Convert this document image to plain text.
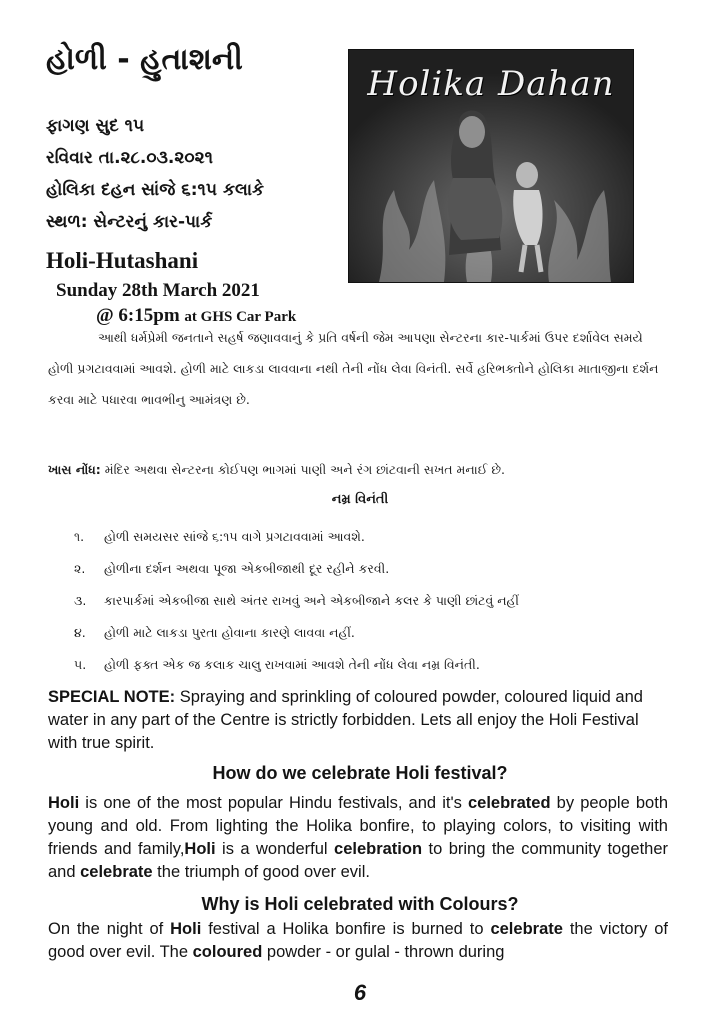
હોળી - હુતાશની
ફાગણ સુદ ૧૫
રવિવાર તા.૨૮.૦૩.૨૦૨૧
હોલિકા દહન સાંજે ૬:૧૫ કલાકે
સ્થળ: સેન્ટરનું કાર-પાર્ક
Holi-Hutashani
Sunday 28th March 2021
@ 6:15pm at GHS Car Park
Holika Dahan
આથી ધર્મપ્રેમી જનતાને સહર્ષ જણાવવાનું કે પ્રતિ વર્ષની જેમ આપણા સેન્ટરના કાર-પાર્કમાં ઉપર દર્શાવેલ સમયે હોળી પ્રગટાવવામાં આવશે. હોળી માટે લાકડા લાવવાના નથી તેની નોંધ લેવા વિનંતી. સર્વે હરિભક્તોને હોલિકા માતાજીના દર્શન કરવા માટે પધારવા ભાવભીનુ આમંત્રણ છે.
ખાસ નોંધ: મંદિર અથવા સેન્ટરના કોઈપણ ભાગમાં પાણી અને રંગ છાંટવાની સખત મનાઈ છે.
નમ્ર વિનંતી
૧.	હોળી સમયસર સાંજે ૬:૧૫ વાગે પ્રગટાવવામાં આવશે.
૨.	હોળીના દર્શન અથવા પૂજા એકબીજાથી દૂર રહીને કરવી.
૩.	કારપાર્કમાં એકબીજા સાથે અંતર રાખવું અને એકબીજાને કલર કે પાણી છાંટવું નહીં
૪.	હોળી માટે લાકડા પુરતા હોવાના કારણે લાવવા નહીં.
૫.	હોળી ફક્ત એક જ કલાક ચાલુ રાખવામાં આવશે તેની નોંધ લેવા નમ્ર વિનંતી.
SPECIAL NOTE: Spraying and sprinkling of coloured powder, coloured liquid and water in any part of the Centre is strictly forbidden. Lets all enjoy the Holi Festival with true spirit.
How do we celebrate Holi festival?
Holi is one of the most popular Hindu festivals, and it's celebrated by people both young and old. From lighting the Holika bonfire, to playing colors, to visiting with friends and family,Holi is a wonderful celebration to bring the community together and celebrate the triumph of good over evil.
Why is Holi celebrated with Colours?
On the night of Holi festival a Holika bonfire is burned to celebrate the victory of good over evil. The coloured powder - or gulal - thrown during
6
